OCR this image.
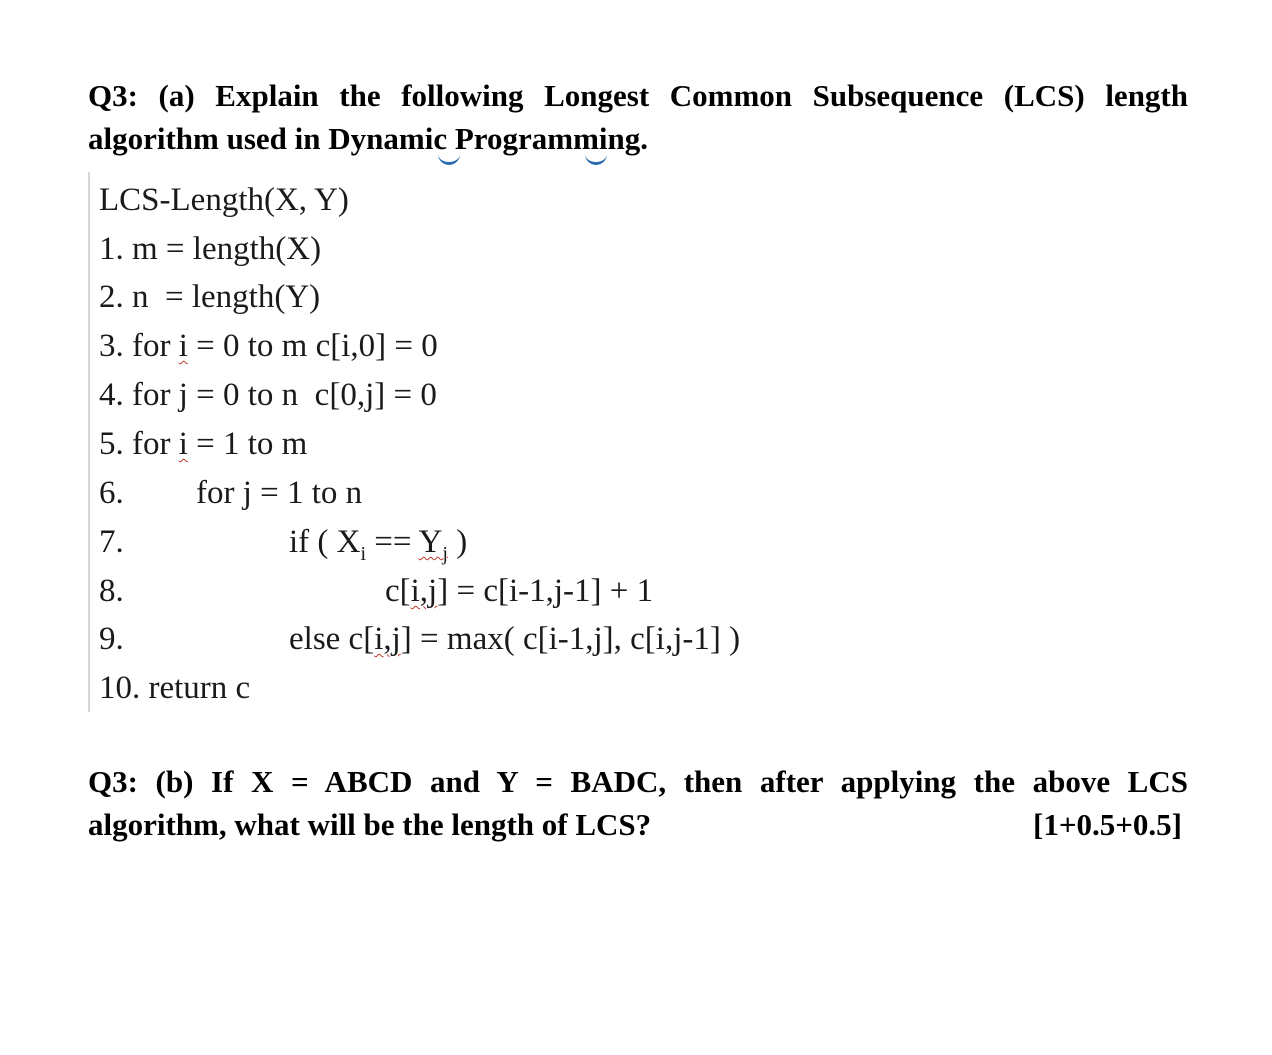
Q3: (a) Explain the following Longest Common Subsequence (LCS) length algorithm used in Dynamic Programming.
LCS-Length(X, Y)
1. m = length(X)
2. n  = length(Y)
3. for i = 0 to m c[i,0] = 0
4. for j = 0 to n  c[0,j] = 0
5. for i = 1 to m
6. for j = 1 to n
7.	if ( $X_i == Y_j$ )
8.	c[i,j] = c[i-1,j-1] + 1
9.	else c[i,j] = max( c[i-1,j], c[i,j-1] )
10. return c
Q3: (b) If X = ABCD and Y = BADC, then after applying the above LCS
algorithm, what will be the length of LCS?	[1+0.5+0.5]
